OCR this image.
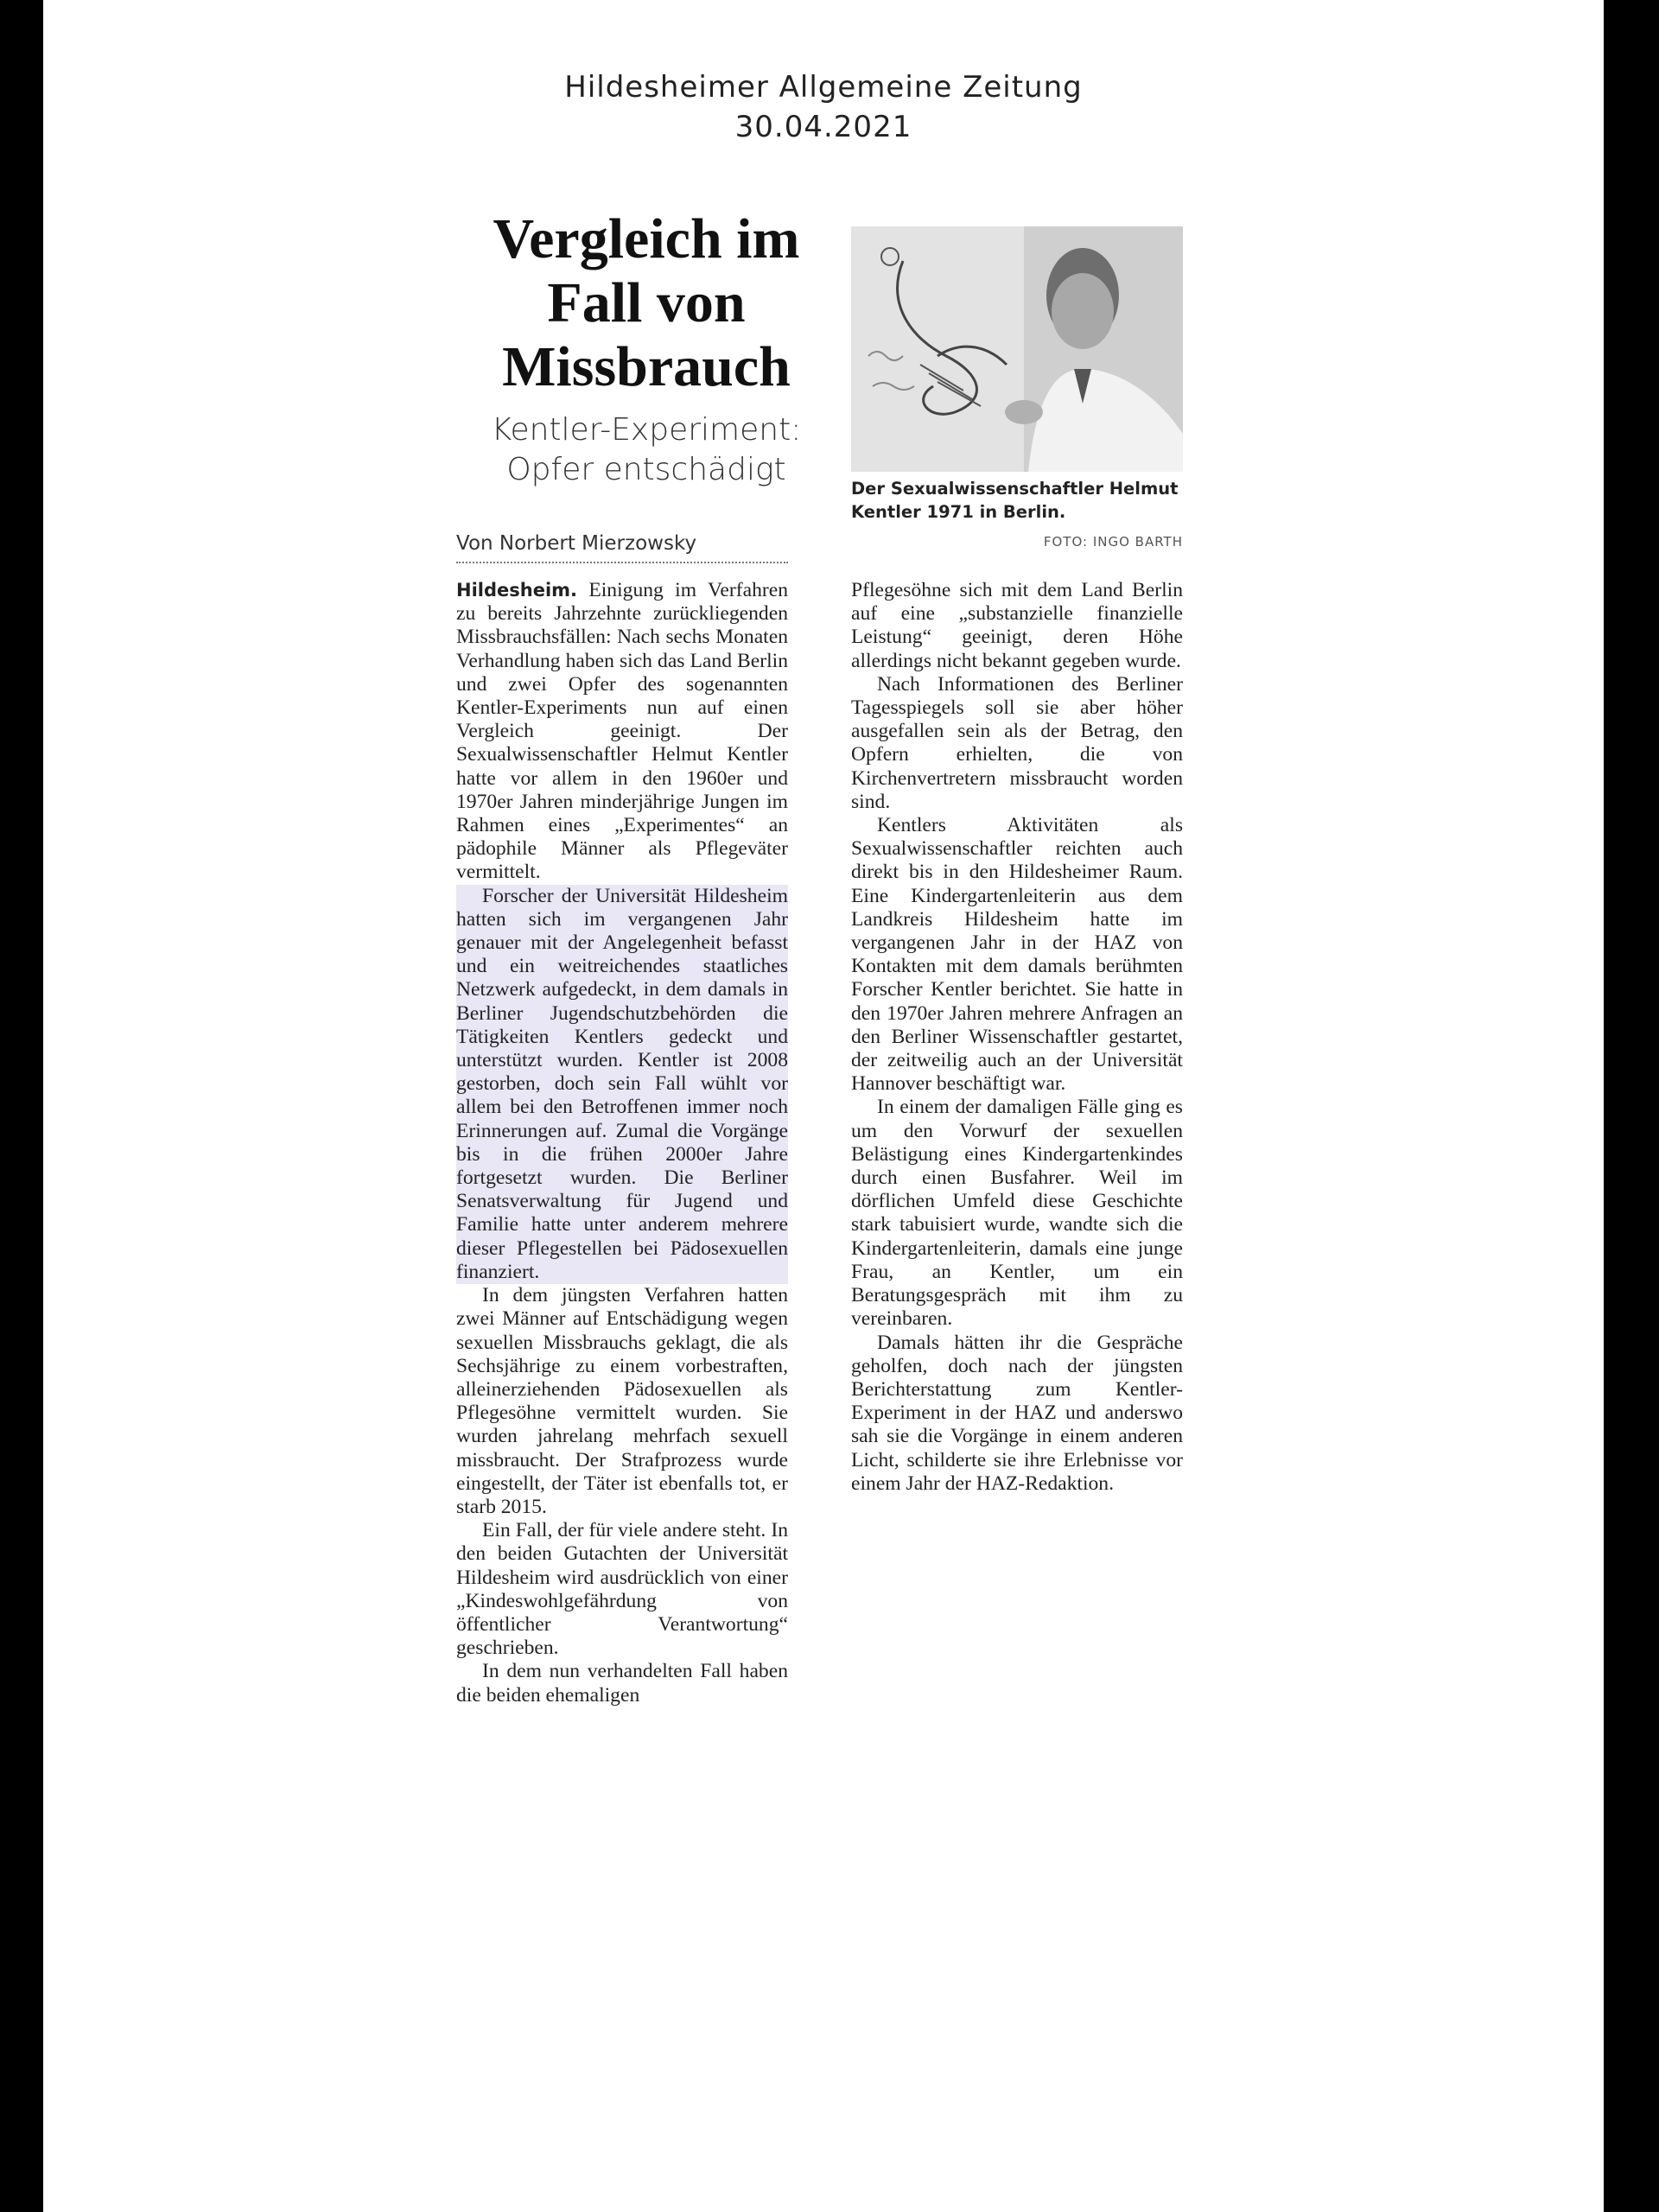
Hildesheimer Allgemeine Zeitung
30.04.2021
Vergleich im Fall von Missbrauch
Kentler-Experiment: Opfer entschädigt
Von Norbert Mierzowsky
Der Sexualwissenschaftler Helmut Kentler 1971 in Berlin.
FOTO: INGO BARTH

Hildesheim. Einigung im Verfahren zu bereits Jahrzehnte zurückliegenden Missbrauchsfällen: Nach sechs Monaten Verhandlung haben sich das Land Berlin und zwei Opfer des sogenannten Kentler-Experiments nun auf einen Vergleich geeinigt. Der Sexualwissenschaftler Helmut Kentler hatte vor allem in den 1960er und 1970er Jahren minderjährige Jungen im Rahmen eines „Experimentes“ an pädophile Männer als Pflegeväter vermittelt.

Forscher der Universität Hildesheim hatten sich im vergangenen Jahr genauer mit der Angelegenheit befasst und ein weitreichendes staatliches Netzwerk aufgedeckt, in dem damals in Berliner Jugendschutzbehörden die Tätigkeiten Kentlers gedeckt und unterstützt wurden. Kentler ist 2008 gestorben, doch sein Fall wühlt vor allem bei den Betroffenen immer noch Erinnerungen auf. Zumal die Vorgänge bis in die frühen 2000er Jahre fortgesetzt wurden. Die Berliner Senatsverwaltung für Jugend und Familie hatte unter anderem mehrere dieser Pflegestellen bei Pädosexuellen finanziert.

In dem jüngsten Verfahren hatten zwei Männer auf Entschädigung wegen sexuellen Missbrauchs geklagt, die als Sechsjährige zu einem vorbestraften, alleinerziehenden Pädosexuellen als Pflegesöhne vermittelt wurden. Sie wurden jahrelang mehrfach sexuell missbraucht. Der Strafprozess wurde eingestellt, der Täter ist ebenfalls tot, er starb 2015.

Ein Fall, der für viele andere steht. In den beiden Gutachten der Universität Hildesheim wird ausdrücklich von einer „Kindeswohlgefährdung von öffentlicher Verantwortung“ geschrieben.

In dem nun verhandelten Fall haben die beiden ehemaligen

Pflegesöhne sich mit dem Land Berlin auf eine „substanzielle finanzielle Leistung“ geeinigt, deren Höhe allerdings nicht bekannt gegeben wurde.

Nach Informationen des Berliner Tagesspiegels soll sie aber höher ausgefallen sein als der Betrag, den Opfern erhielten, die von Kirchenvertretern missbraucht worden sind.

Kentlers Aktivitäten als Sexualwissenschaftler reichten auch direkt bis in den Hildesheimer Raum. Eine Kindergartenleiterin aus dem Landkreis Hildesheim hatte im vergangenen Jahr in der HAZ von Kontakten mit dem damals berühmten Forscher Kentler berichtet. Sie hatte in den 1970er Jahren mehrere Anfragen an den Berliner Wissenschaftler gestartet, der zeitweilig auch an der Universität Hannover beschäftigt war.

In einem der damaligen Fälle ging es um den Vorwurf der sexuellen Belästigung eines Kindergartenkindes durch einen Busfahrer. Weil im dörflichen Umfeld diese Geschichte stark tabuisiert wurde, wandte sich die Kindergartenleiterin, damals eine junge Frau, an Kentler, um ein Beratungsgespräch mit ihm zu vereinbaren.

Damals hätten ihr die Gespräche geholfen, doch nach der jüngsten Berichterstattung zum Kentler-Experiment in der HAZ und anderswo sah sie die Vorgänge in einem anderen Licht, schilderte sie ihre Erlebnisse vor einem Jahr der HAZ-Redaktion.
